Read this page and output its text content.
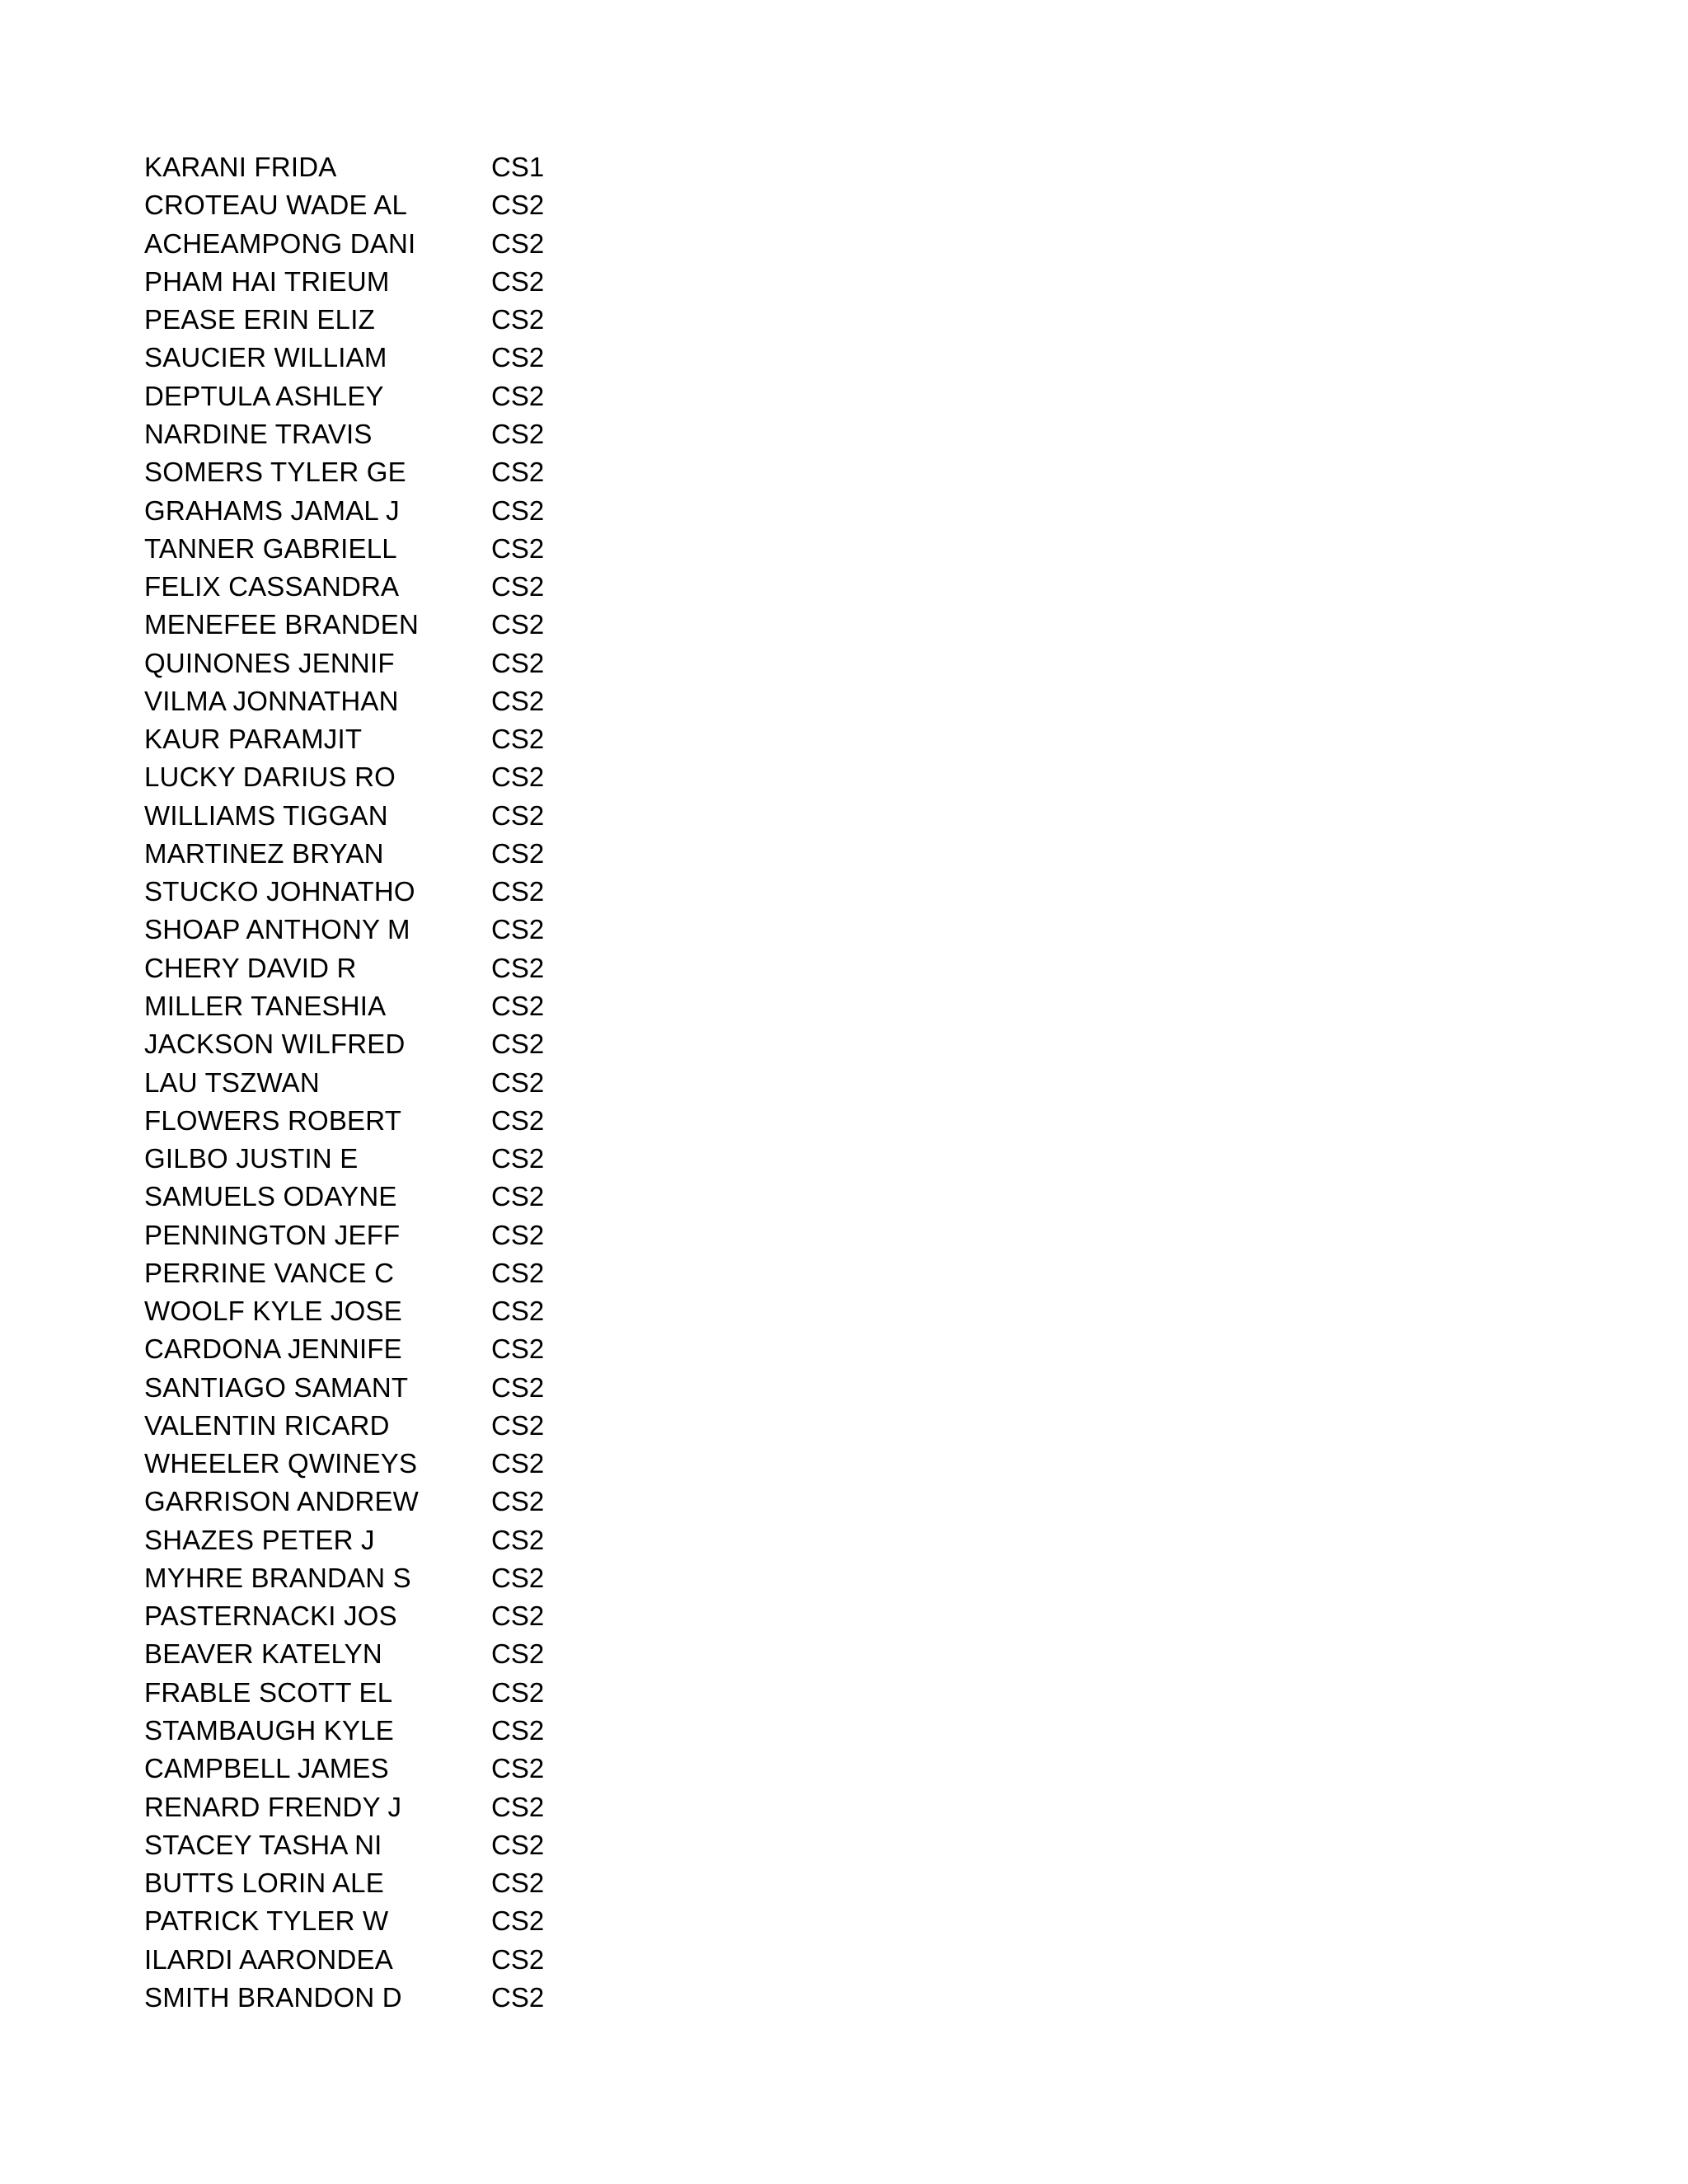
KARANI FRIDA	CS1
CROTEAU WADE AL	CS2
ACHEAMPONG DANI	CS2
PHAM HAI TRIEUM	CS2
PEASE ERIN ELIZ	CS2
SAUCIER WILLIAM	CS2
DEPTULA ASHLEY	CS2
NARDINE TRAVIS	CS2
SOMERS TYLER GE	CS2
GRAHAMS JAMAL J	CS2
TANNER GABRIELL	CS2
FELIX CASSANDRA	CS2
MENEFEE BRANDEN	CS2
QUINONES JENNIF	CS2
VILMA JONNATHAN	CS2
KAUR PARAMJIT	CS2
LUCKY DARIUS RO	CS2
WILLIAMS TIGGAN	CS2
MARTINEZ BRYAN	CS2
STUCKO JOHNATHO	CS2
SHOAP ANTHONY M	CS2
CHERY DAVID R	CS2
MILLER TANESHIA	CS2
JACKSON WILFRED	CS2
LAU TSZWAN	CS2
FLOWERS ROBERT	CS2
GILBO JUSTIN E	CS2
SAMUELS ODAYNE	CS2
PENNINGTON JEFF	CS2
PERRINE VANCE C	CS2
WOOLF KYLE JOSE	CS2
CARDONA JENNIFE	CS2
SANTIAGO SAMANT	CS2
VALENTIN RICARD	CS2
WHEELER QWINEYS	CS2
GARRISON ANDREW	CS2
SHAZES PETER J	CS2
MYHRE BRANDAN S	CS2
PASTERNACKI JOS	CS2
BEAVER KATELYN	CS2
FRABLE SCOTT EL	CS2
STAMBAUGH KYLE	CS2
CAMPBELL JAMES	CS2
RENARD FRENDY J	CS2
STACEY TASHA NI	CS2
BUTTS LORIN ALE	CS2
PATRICK TYLER W	CS2
ILARDI AARONDEA	CS2
SMITH BRANDON D	CS2
